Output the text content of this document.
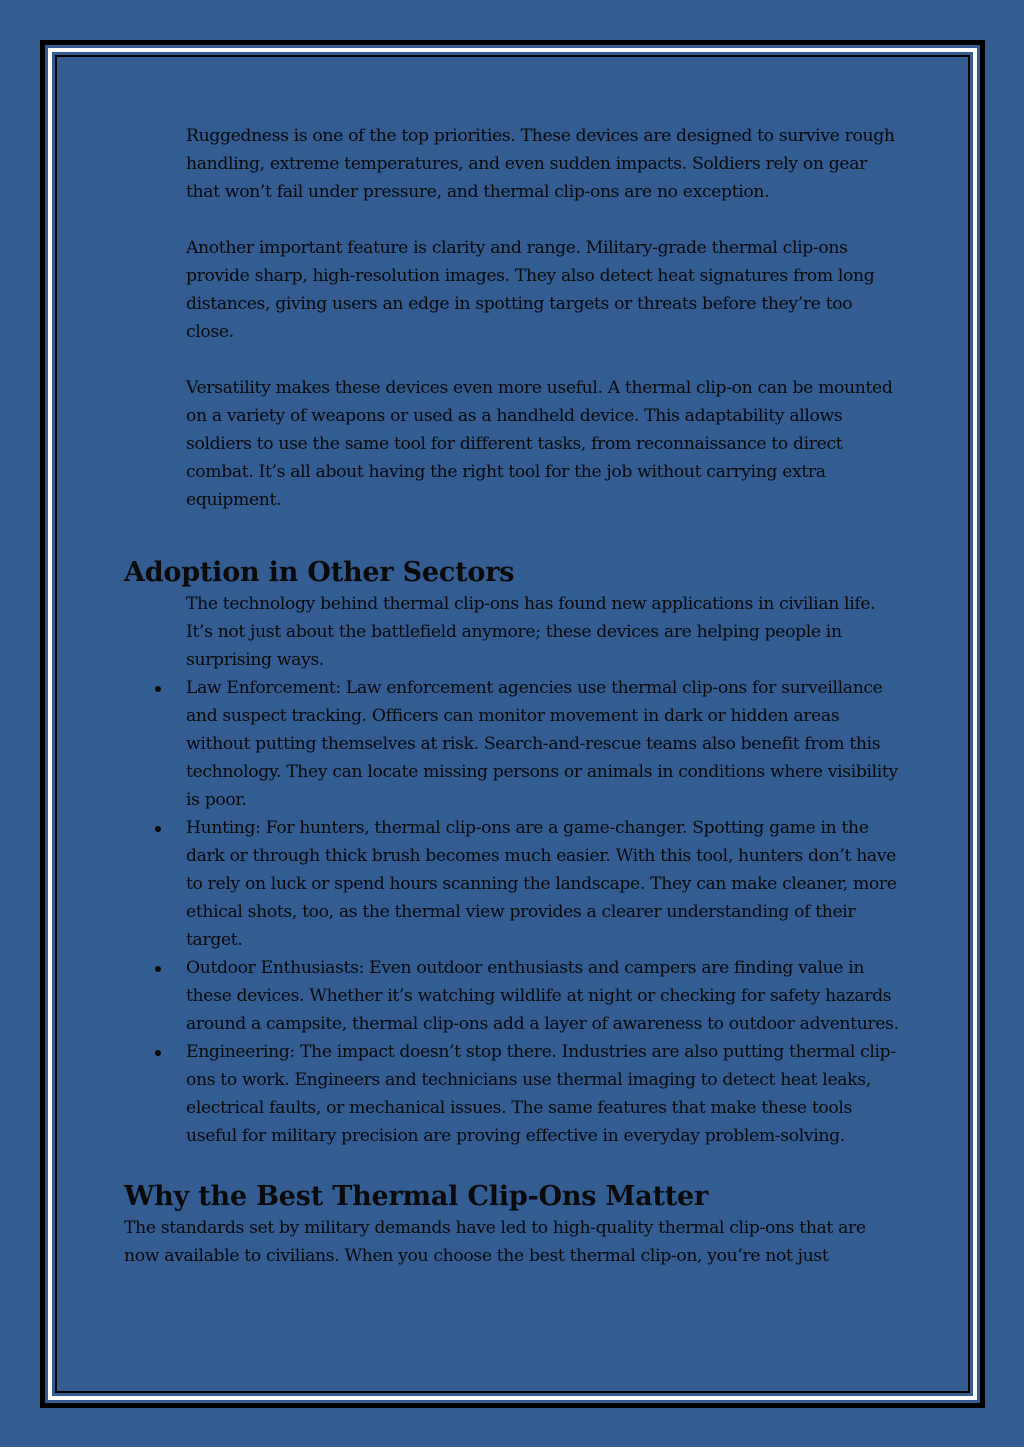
Ruggedness is one of the top priorities. These devices are designed to survive rough handling, extreme temperatures, and even sudden impacts. Soldiers rely on gear that won’t fail under pressure, and thermal clip-ons are no exception.

Another important feature is clarity and range. Military-grade thermal clip-ons provide sharp, high-resolution images. They also detect heat signatures from long distances, giving users an edge in spotting targets or threats before they’re too close.

Versatility makes these devices even more useful. A thermal clip-on can be mounted on a variety of weapons or used as a handheld device. This adaptability allows soldiers to use the same tool for different tasks, from reconnaissance to direct combat. It’s all about having the right tool for the job without carrying extra equipment.

Adoption in Other Sectors

The technology behind thermal clip-ons has found new applications in civilian life. It’s not just about the battlefield anymore; these devices are helping people in surprising ways.

Law Enforcement: Law enforcement agencies use thermal clip-ons for surveillance and suspect tracking. Officers can monitor movement in dark or hidden areas without putting themselves at risk. Search-and-rescue teams also benefit from this technology. They can locate missing persons or animals in conditions where visibility is poor.
Hunting: For hunters, thermal clip-ons are a game-changer. Spotting game in the dark or through thick brush becomes much easier. With this tool, hunters don’t have to rely on luck or spend hours scanning the landscape. They can make cleaner, more ethical shots, too, as the thermal view provides a clearer understanding of their target.
Outdoor Enthusiasts: Even outdoor enthusiasts and campers are finding value in these devices. Whether it’s watching wildlife at night or checking for safety hazards around a campsite, thermal clip-ons add a layer of awareness to outdoor adventures.
Engineering: The impact doesn’t stop there. Industries are also putting thermal clip-ons to work. Engineers and technicians use thermal imaging to detect heat leaks, electrical faults, or mechanical issues. The same features that make these tools useful for military precision are proving effective in everyday problem-solving.
Why the Best Thermal Clip-Ons Matter

The standards set by military demands have led to high-quality thermal clip-ons that are now available to civilians. When you choose the best thermal clip-on, you’re not just
